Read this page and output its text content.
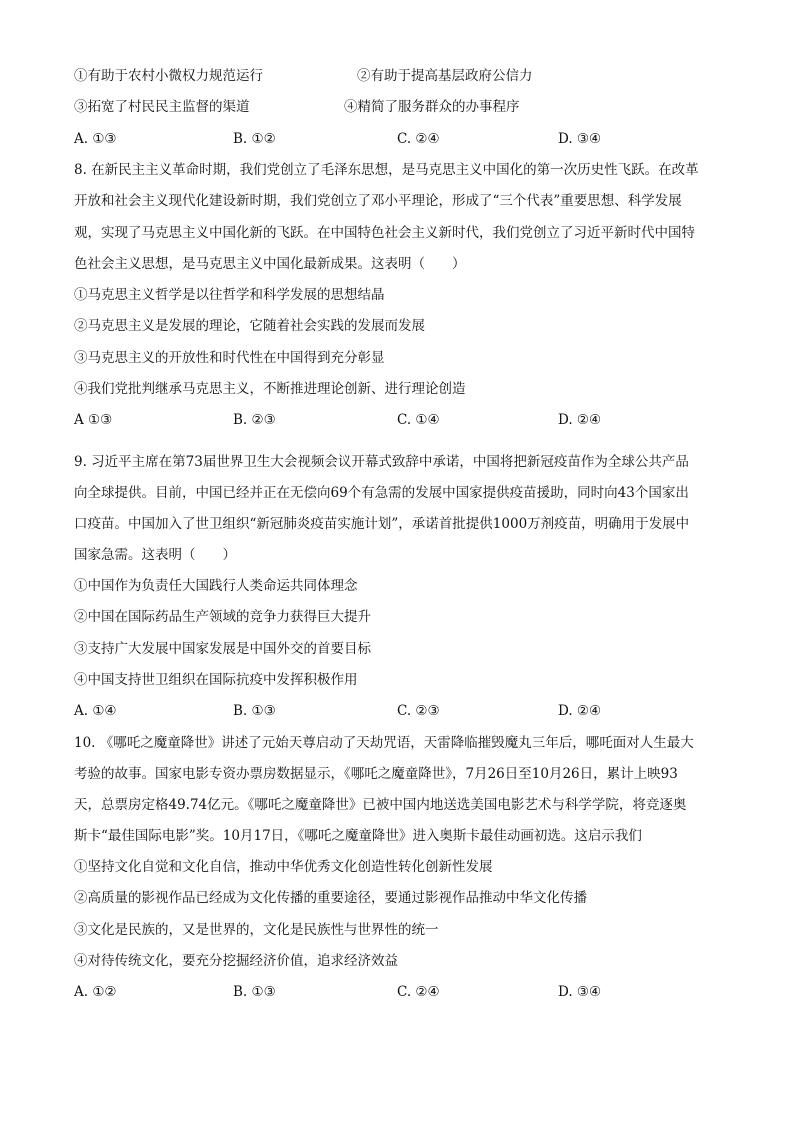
①有助于农村小微权力规范运行	②有助于提高基层政府公信力
③拓宽了村民民主监督的渠道	④精简了服务群众的办事程序
A. ①③	B. ①②	C. ②④	D. ③④
8. 在新民主主义革命时期，我们党创立了毛泽东思想，是马克思主义中国化的第一次历史性飞跃。在改革
开放和社会主义现代化建设新时期，我们党创立了邓小平理论，形成了“三个代表”重要思想、科学发展
观，实现了马克思主义中国化新的飞跃。在中国特色社会主义新时代，我们党创立了习近平新时代中国特
色社会主义思想，是马克思主义中国化最新成果。这表明（　　）
①马克思主义哲学是以往哲学和科学发展的思想结晶
②马克思主义是发展的理论，它随着社会实践的发展而发展
③马克思主义的开放性和时代性在中国得到充分彰显
④我们党批判继承马克思主义，不断推进理论创新、进行理论创造
A ①③	B. ②③	C. ①④	D. ②④
9. 习近平主席在第73届世界卫生大会视频会议开幕式致辞中承诺，中国将把新冠疫苗作为全球公共产品
向全球提供。目前，中国已经并正在无偿向69个有急需的发展中国家提供疫苗援助，同时向43个国家出
口疫苗。中国加入了世卫组织“新冠肺炎疫苗实施计划”，承诺首批提供1000万剂疫苗，明确用于发展中
国家急需。这表明（　　）
①中国作为负责任大国践行人类命运共同体理念
②中国在国际药品生产领域的竞争力获得巨大提升
③支持广大发展中国家发展是中国外交的首要目标
④中国支持世卫组织在国际抗疫中发挥积极作用
A. ①④	B. ①③	C. ②③	D. ②④
10. 《哪吒之魔童降世》讲述了元始天尊启动了天劫咒语，天雷降临摧毁魔丸三年后，哪吒面对人生最大
考验的故事。国家电影专资办票房数据显示，《哪吒之魔童降世》，7月26日至10月26日，累计上映93
天，总票房定格49.74亿元。《哪吒之魔童降世》已被中国内地送选美国电影艺术与科学学院，将竞逐奥
斯卡“最佳国际电影”奖。10月17日，《哪吒之魔童降世》进入奥斯卡最佳动画初选。这启示我们
①坚持文化自觉和文化自信，推动中华优秀文化创造性转化创新性发展
②高质量的影视作品已经成为文化传播的重要途径，要通过影视作品推动中华文化传播
③文化是民族的，又是世界的，文化是民族性与世界性的统一
④对待传统文化，要充分挖掘经济价值，追求经济效益
A. ①②	B. ①③	C. ②④	D. ③④
